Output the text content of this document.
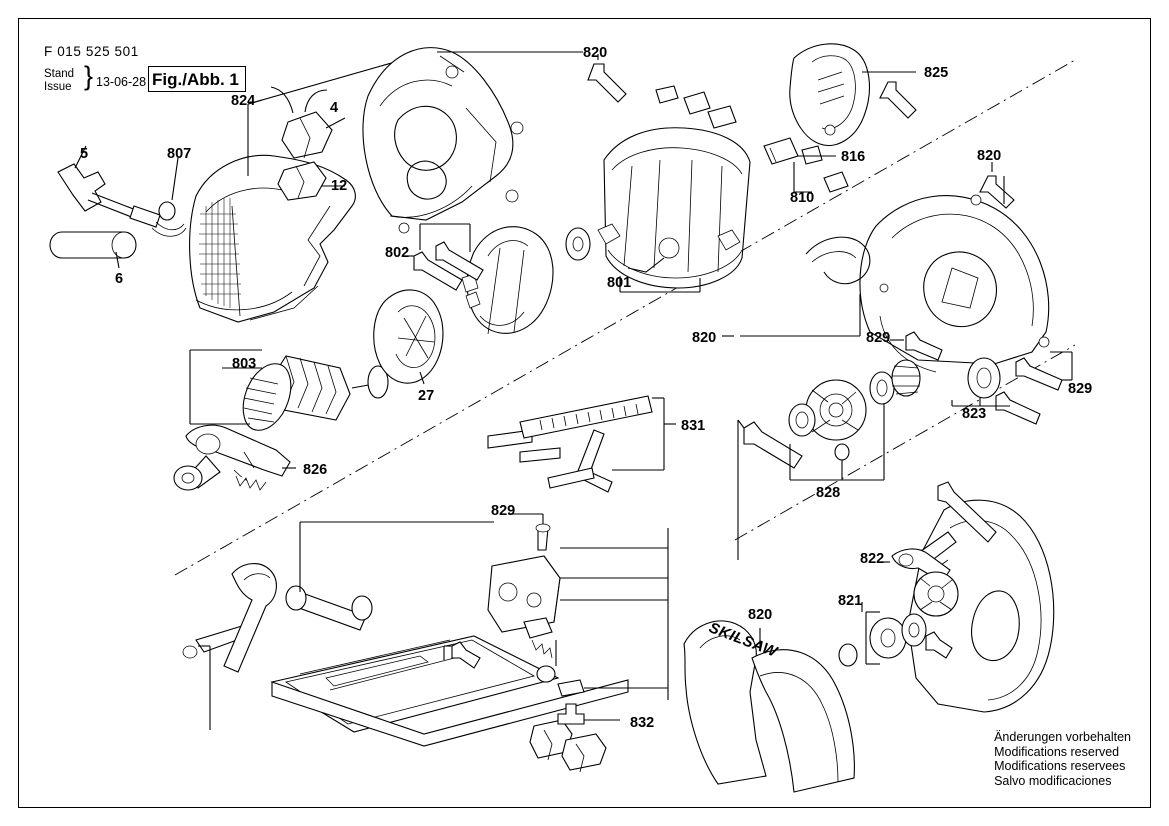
F 015 525 501
Stand
Issue } 13-06-28 Fig./Abb. 1
SKILSAW
5	807
4
824
12
6
820
825
816
810
820
802
801
820	829
829
823
803
27
831
826
828
829
822
821
820
832
Änderungen vorbehalten
Modifications reserved
Modifications reservees
Salvo modificaciones
